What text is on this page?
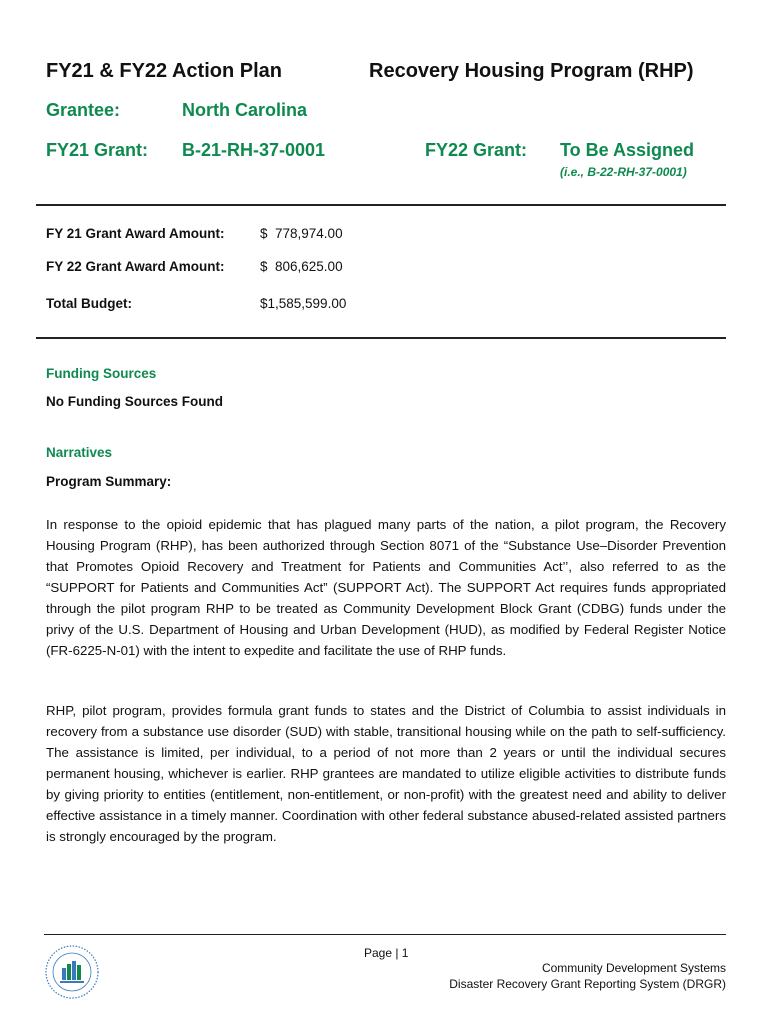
FY21 & FY22 Action Plan	Recovery Housing Program (RHP)
Grantee:	North Carolina
FY21 Grant: B-21-RH-37-0001	FY22 Grant: To Be Assigned
(i.e., B-22-RH-37-0001)
FY 21 Grant Award Amount:	$  778,974.00
FY 22 Grant Award Amount:	$  806,625.00
Total Budget:	$1,585,599.00
Funding Sources
No Funding Sources Found
Narratives
Program Summary:
In response to the opioid epidemic that has plagued many parts of the nation, a pilot program, the Recovery Housing Program (RHP), has been authorized through Section 8071 of the “Substance Use–Disorder Prevention that Promotes Opioid Recovery and Treatment for Patients and Communities Act’’, also referred to as the “SUPPORT for Patients and Communities Act” (SUPPORT Act). The SUPPORT Act requires funds appropriated through the pilot program RHP to be treated as Community Development Block Grant (CDBG) funds under the privy of the U.S. Department of Housing and Urban Development (HUD), as modified by Federal Register Notice (FR-6225-N-01) with the intent to expedite and facilitate the use of RHP funds.
RHP, pilot program, provides formula grant funds to states and the District of Columbia to assist individuals in recovery from a substance use disorder (SUD) with stable, transitional housing while on the path to self-sufficiency. The assistance is limited, per individual, to a period of not more than 2 years or until the individual secures permanent housing, whichever is earlier. RHP grantees are mandated to utilize eligible activities to distribute funds by giving priority to entities (entitlement, non-entitlement, or non-profit) with the greatest need and ability to deliver effective assistance in a timely manner. Coordination with other federal substance abused-related assisted partners is strongly encouraged by the program.
Page | 1
Community Development Systems
Disaster Recovery Grant Reporting System (DRGR)
